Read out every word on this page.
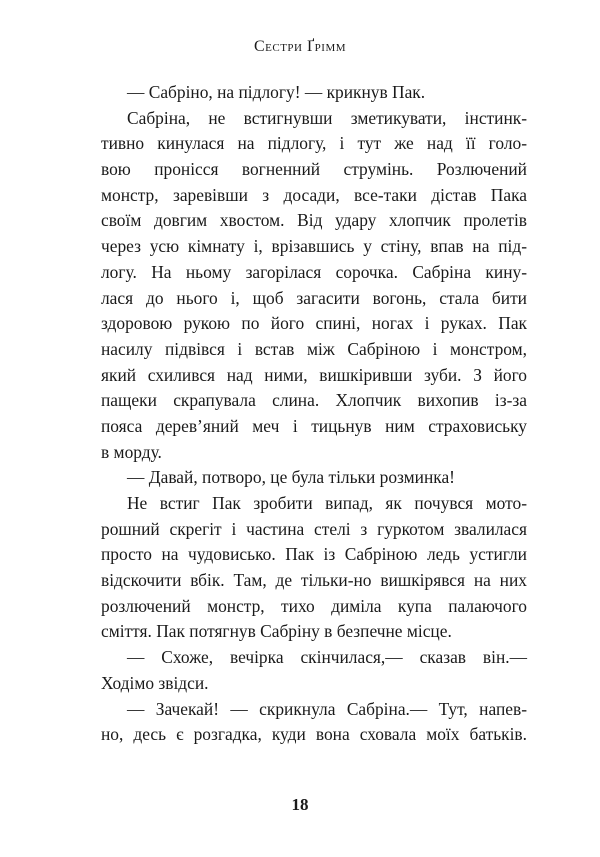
Сестри Ґрімм
— Сабріно, на підлогу! — крикнув Пак.
Сабріна, не встигнувши зметикувати, інстинк-
тивно кинулася на підлогу, і тут же над її голо-
вою пронісся вогненний струмінь. Розлючений
монстр, заревівши з досади, все-таки дістав Пака
своїм довгим хвостом. Від удару хлопчик пролетів
через усю кімнату і, врізавшись у стіну, впав на під-
логу. На ньому загорілася сорочка. Сабріна кину-
лася до нього і, щоб загасити вогонь, стала бити
здоровою рукою по його спині, ногах і руках. Пак
насилу підвівся і встав між Сабріною і монстром,
який схилився над ними, вишкіривши зуби. З його
пащеки скрапувала слина. Хлопчик вихопив із-за
пояса дерев’яний меч і тицьнув ним страховиську
в морду.
— Давай, потворо, це була тільки розминка!
Не встиг Пак зробити випад, як почувся мото-
рошний скрегіт і частина стелі з гуркотом звалилася
просто на чудовисько. Пак із Сабріною ледь устигли
відскочити вбік. Там, де тільки-но вишкірявся на них
розлючений монстр, тихо диміла купа палаючого
сміття. Пак потягнув Сабріну в безпечне місце.
— Схоже, вечірка скінчилася,— сказав він.—
Ходімо звідси.
— Зачекай! — скрикнула Сабріна.— Тут, напев-
но, десь є розгадка, куди вона сховала моїх батьків.
18
